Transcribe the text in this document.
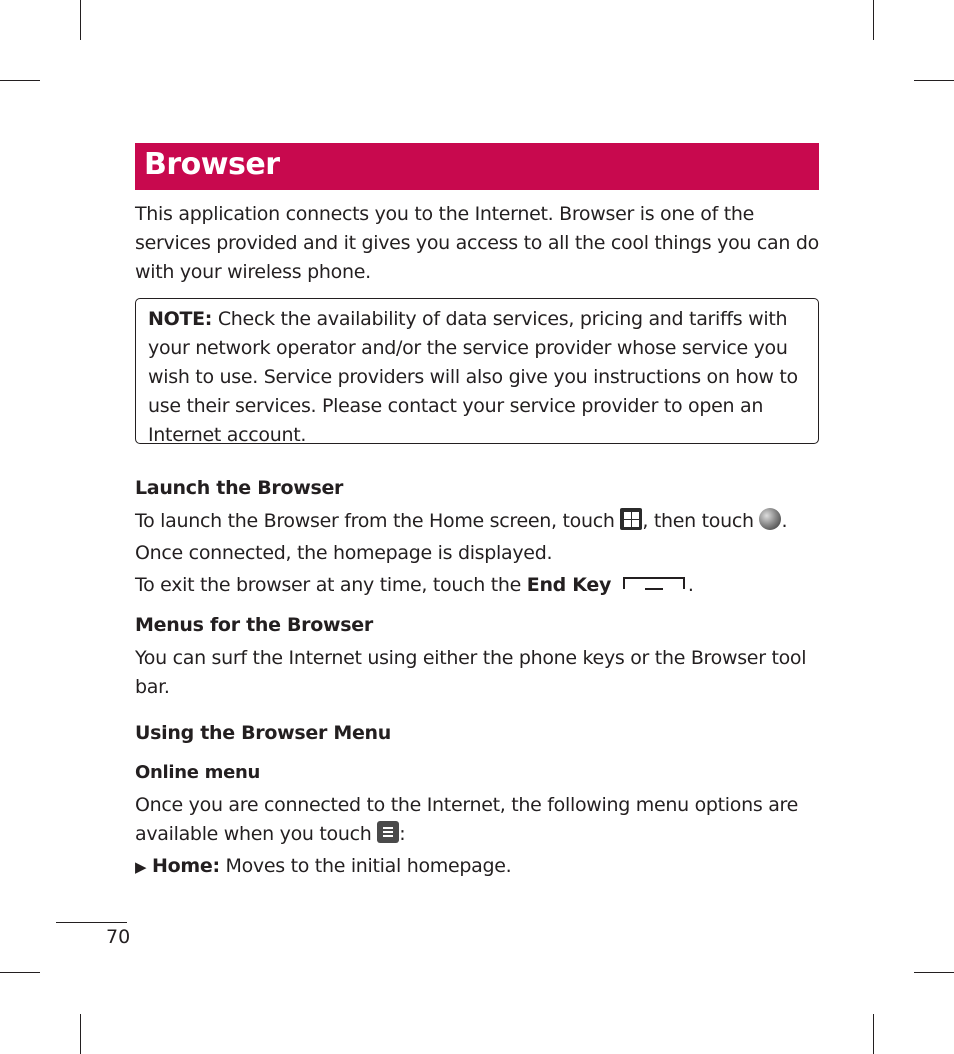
Browser

This application connects you to the Internet. Browser is one of the services provided and it gives you access to all the cool things you can do with your wireless phone.

NOTE: Check the availability of data services, pricing and tariffs with your network operator and/or the service provider whose service you wish to use. Service providers will also give you instructions on how to use their services. Please contact your service provider to open an Internet account.
Launch the Browser

To launch the Browser from the Home screen, touch , then touch .

Once connected, the homepage is displayed.

To exit the browser at any time, touch the End Key	.

Menus for the Browser

You can surf the Internet using either the phone keys or the Browser tool bar.

Using the Browser Menu
Online menu

Once you are connected to the Internet, the following menu options are available when you touch :

▶ Home: Moves to the initial homepage.

70
